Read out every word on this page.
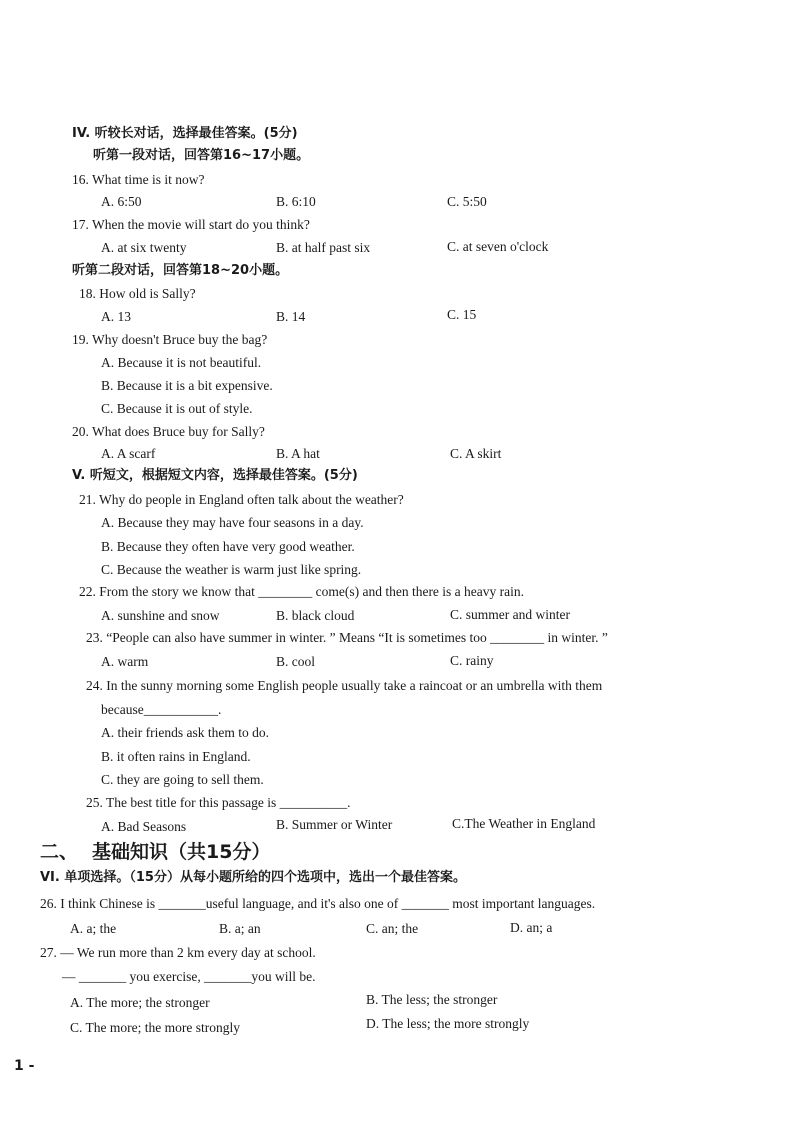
IV. 听较长对话，选择最佳答案。(5分)
听第一段对话，回答第16~17小题。
16. What time is it now?
A. 6:50	B. 6:10	C. 5:50
17. When the movie will start do you think?
A. at six twenty	B. at half past six	C. at seven o'clock
听第二段对话，回答第18~20小题。
18. How old is Sally?
A. 13	B. 14	C. 15
19. Why doesn't Bruce buy the bag?
A. Because it is not beautiful.
B. Because it is a bit expensive.
C. Because it is out of style.
20. What does Bruce buy for Sally?
A. A scarf	B. A hat	C. A skirt
V. 听短文，根据短文内容，选择最佳答案。(5分)
21. Why do people in England often talk about the weather?
A. Because they may have four seasons in a day.
B. Because they often have very good weather.
C. Because the weather is warm just like spring.
22. From the story we know that ________ come(s) and then there is a heavy rain.
A. sunshine and snow	B. black cloud	C. summer and winter
23. “People can also have summer in winter. ” Means “It is sometimes too ________ in winter. ”
A. warm	B. cool	C. rainy
24. In the sunny morning some English people usually take a raincoat or an umbrella with them
because___________.
A. their friends ask them to do.
B. it often rains in England.
C. they are going to sell them.
25. The best title for this passage is __________.
A. Bad Seasons	B. Summer or Winter	C.The Weather in England
二、 基础知识（共15分）
VI. 单项选择。（15分）从每小题所给的四个选项中，选出一个最佳答案。
26. I think Chinese is _______useful language, and it's also one of _______ most important languages.
A. a; the	B. a; an	C. an; the	D. an; a
27. — We run more than 2 km every day at school.
— _______ you exercise, _______you will be.
A. The more; the stronger	B. The less; the stronger
C. The more; the more strongly	D. The less; the more strongly
1 -
